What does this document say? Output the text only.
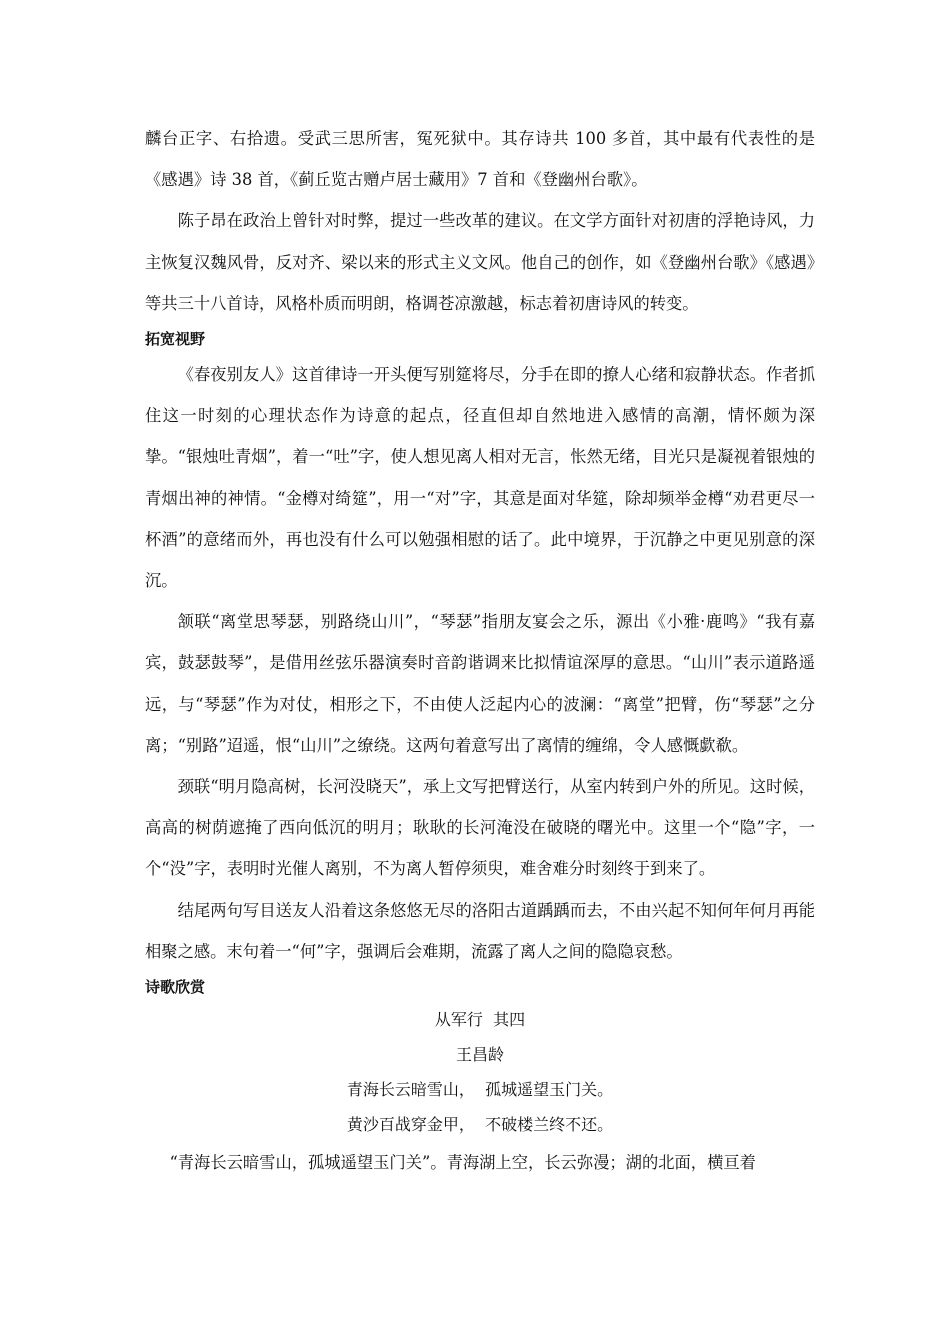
麟台正字、右拾遗。受武三思所害，冤死狱中。其存诗共 100 多首，其中最有代表性的是《感遇》诗 38 首，《蓟丘览古赠卢居士藏用》7 首和《登幽州台歌》。

陈子昂在政治上曾针对时弊，提过一些改革的建议。在文学方面针对初唐的浮艳诗风，力主恢复汉魏风骨，反对齐、梁以来的形式主义文风。他自己的创作，如《登幽州台歌》《感遇》等共三十八首诗，风格朴质而明朗，格调苍凉激越，标志着初唐诗风的转变。

拓宽视野

《春夜别友人》这首律诗一开头便写别筵将尽，分手在即的撩人心绪和寂静状态。作者抓住这一时刻的心理状态作为诗意的起点，径直但却自然地进入感情的高潮，情怀颇为深挚。“银烛吐青烟”，着一“吐”字，使人想见离人相对无言，怅然无绪，目光只是凝视着银烛的青烟出神的神情。“金樽对绮筵”，用一“对”字，其意是面对华筵，除却频举金樽“劝君更尽一杯酒”的意绪而外，再也没有什么可以勉强相慰的话了。此中境界，于沉静之中更见别意的深沉。

颔联“离堂思琴瑟，别路绕山川”，“琴瑟”指朋友宴会之乐，源出《小雅·鹿鸣》“我有嘉宾，鼓瑟鼓琴”，是借用丝弦乐器演奏时音韵谐调来比拟情谊深厚的意思。“山川”表示道路遥远，与“琴瑟”作为对仗，相形之下，不由使人泛起内心的波澜：“离堂”把臂，伤“琴瑟”之分离；“别路”迢遥，恨“山川”之缭绕。这两句着意写出了离情的缠绵，令人感慨歔欷。

颈联“明月隐高树，长河没晓天”，承上文写把臂送行，从室内转到户外的所见。这时候，高高的树荫遮掩了西向低沉的明月；耿耿的长河淹没在破晓的曙光中。这里一个“隐”字，一个“没”字，表明时光催人离别，不为离人暂停须臾，难舍难分时刻终于到来了。

结尾两句写目送友人沿着这条悠悠无尽的洛阳古道踽踽而去，不由兴起不知何年何月再能相聚之感。末句着一“何”字，强调后会难期，流露了离人之间的隐隐哀愁。

诗歌欣赏

从军行  其四

王昌龄

青海长云暗雪山，  孤城遥望玉门关。

黄沙百战穿金甲，  不破楼兰终不还。

“青海长云暗雪山，孤城遥望玉门关”。青海湖上空，长云弥漫；湖的北面，横亘着
